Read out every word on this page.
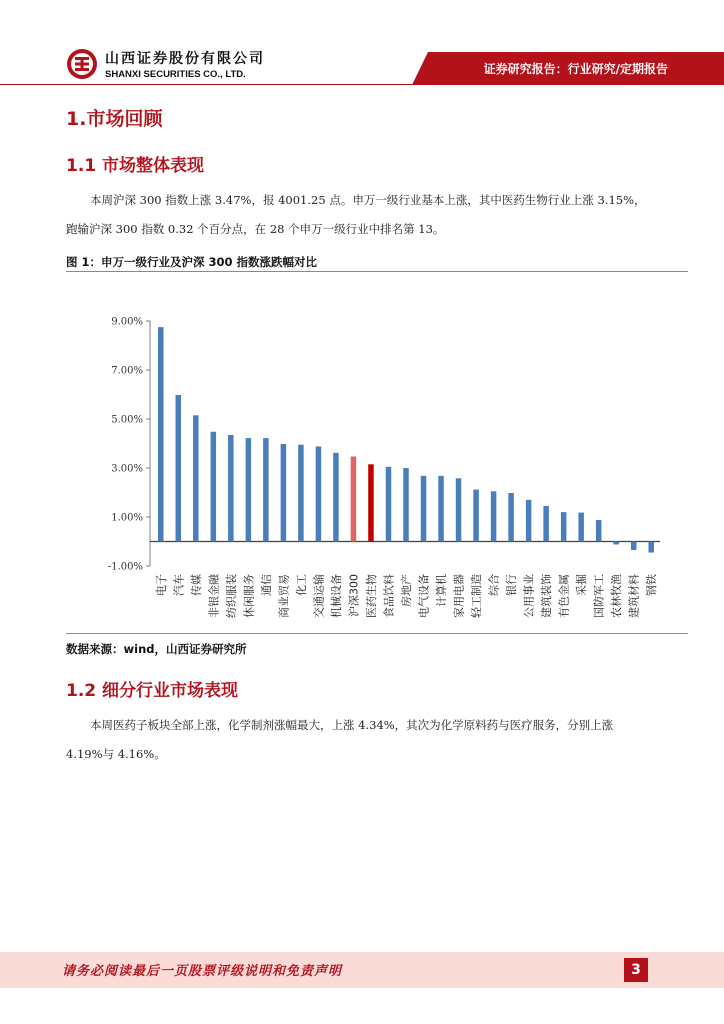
山西证券股份有限公司
SHANXI SECURITIES CO., LTD.	证券研究报告：行业研究/定期报告
1.市场回顾
1.1 市场整体表现
本周沪深 300 指数上涨 3.47%，报 4001.25 点。申万一级行业基本上涨，其中医药生物行业上涨 3.15%，
跑输沪深 300 指数 0.32 个百分点，在 28 个申万一级行业中排名第 13。
图 1：申万一级行业及沪深 300 指数涨跌幅对比
9.00%
7.00%
5.00%
3.00%
1.00%
-1.00%
电子 汽车 传媒 非银金融 纺织服装 休闲服务 通信 商业贸易 化工 交通运输 机械设备 沪深300 医药生物 食品饮料 房地产 电气设备 计算机 家用电器 轻工制造 综合 银行 公用事业 建筑装饰 有色金属 采掘 国防军工 农林牧渔 建筑材料 钢铁
数据来源：wind，山西证券研究所
1.2 细分行业市场表现
本周医药子板块全部上涨，化学制剂涨幅最大，上涨 4.34%，其次为化学原料药与医疗服务，分别上涨
4.19%与 4.16%。
请务必阅读最后一页股票评级说明和免责声明	3
